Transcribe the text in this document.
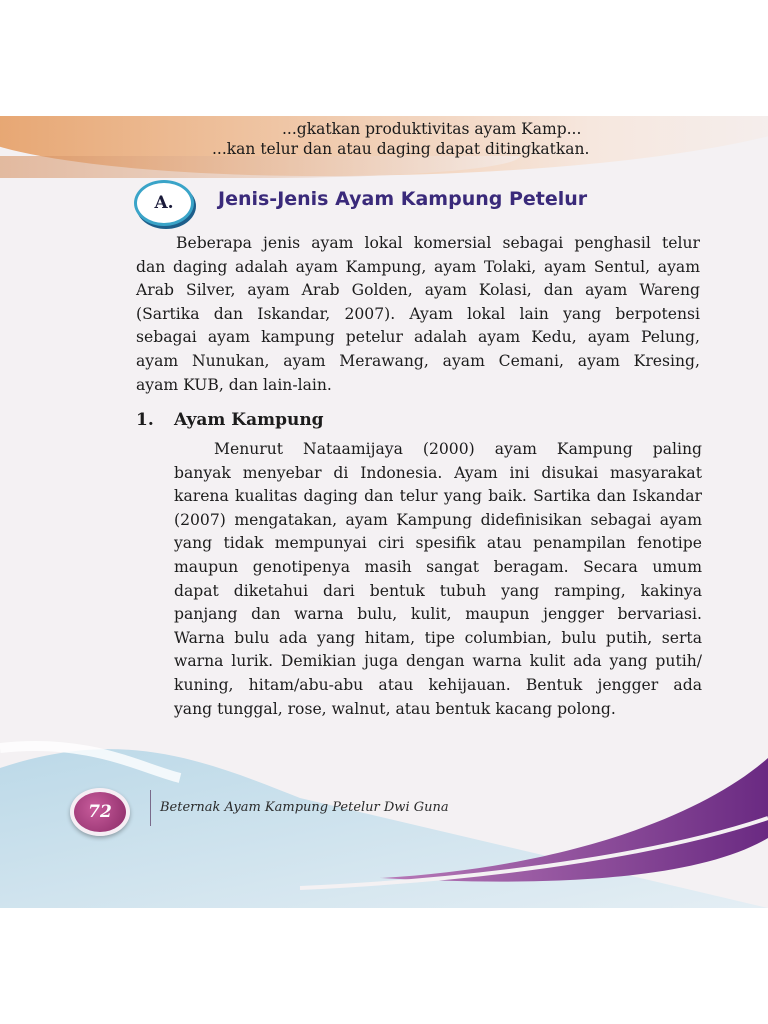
...gkatkan produktivitas ayam Kamp...
...kan telur dan atau daging dapat ditingkatkan.
A.	Jenis-Jenis Ayam Kampung Petelur
Beberapa jenis ayam lokal komersial sebagai penghasil telur
dan daging adalah ayam Kampung, ayam Tolaki, ayam Sentul, ayam
Arab Silver, ayam Arab Golden, ayam Kolasi, dan ayam Wareng
(Sartika dan Iskandar, 2007). Ayam lokal lain yang berpotensi
sebagai ayam kampung petelur adalah ayam Kedu, ayam Pelung,
ayam Nunukan, ayam Merawang, ayam Cemani, ayam Kresing,
ayam KUB, dan lain-lain.
1. Ayam Kampung
Menurut Nataamijaya (2000) ayam Kampung paling
banyak menyebar di Indonesia. Ayam ini disukai masyarakat
karena kualitas daging dan telur yang baik. Sartika dan Iskandar
(2007) mengatakan, ayam Kampung didefinisikan sebagai ayam
yang tidak mempunyai ciri spesifik atau penampilan fenotipe
maupun genotipenya masih sangat beragam. Secara umum
dapat diketahui dari bentuk tubuh yang ramping, kakinya
panjang dan warna bulu, kulit, maupun jengger bervariasi.
Warna bulu ada yang hitam, tipe columbian, bulu putih, serta
warna lurik. Demikian juga dengan warna kulit ada yang putih/
kuning, hitam/abu-abu atau kehijauan. Bentuk jengger ada
yang tunggal, rose, walnut, atau bentuk kacang polong.
72	Beternak Ayam Kampung Petelur Dwi Guna
